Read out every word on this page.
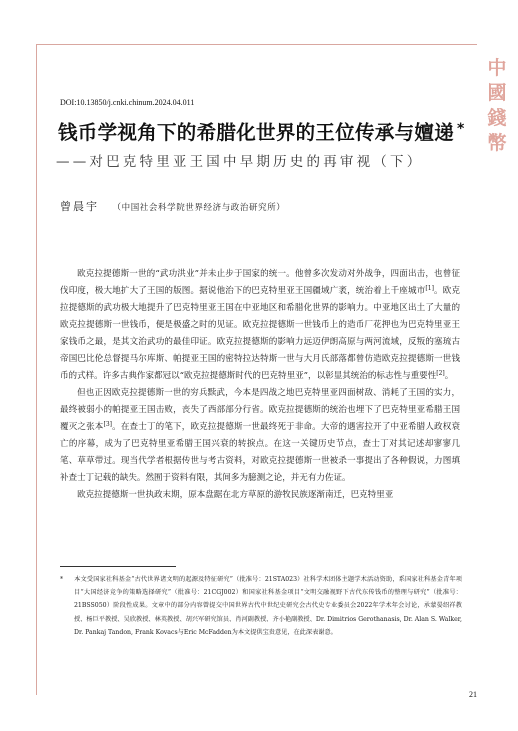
中
國
錢
幣
DOI:10.13850/j.cnki.chinum.2024.04.011
钱币学视角下的希腊化世界的王位传承与嬗递 *
——对巴克特里亚王国中早期历史的再审视（下）
曾晨宇 （中国社会科学院世界经济与政治研究所）

欧克拉提德斯一世的“武功洪业”并未止步于国家的统一。他曾多次发动对外战争，四面出击，也曾征伐印度，极大地扩大了王国的版图。据说他治下的巴克特里亚王国疆域广袤，统治着上千座城市[1]。欧克拉提德斯的武功极大地提升了巴克特里亚王国在中亚地区和希腊化世界的影响力。中亚地区出土了大量的欧克拉提德斯一世钱币，便是极盛之时的见证。欧克拉提德斯一世钱币上的造币厂花押也为巴克特里亚王家钱币之最，是其文治武功的最佳印证。欧克拉提德斯的影响力远迈伊朗高原与两河流域，反叛的塞琉古帝国巴比伦总督提马尔库斯、帕提亚王国的密特拉达特斯一世与大月氏部落都曾仿造欧克拉提德斯一世钱币的式样。许多古典作家都冠以“欧克拉提德斯时代的巴克特里亚”，以彰显其统治的标志性与重要性[2]。

但也正因欧克拉提德斯一世的穷兵黩武，今本是四战之地巴克特里亚四面树敌、消耗了王国的实力，最终被弱小的帕提亚王国击败，丧失了西部部分行省。欧克拉提德斯的统治也埋下了巴克特里亚希腊王国覆灭之张本[3]。在查士丁的笔下，欧克拉提德斯一世最终死于非命。大帝的遇害拉开了中亚希腊人政权衰亡的序幕，成为了巴克特里亚希腊王国兴衰的转捩点。在这一关键历史节点，查士丁对其记述却寥寥几笔、草草带过。现当代学者根据传世与考古资料，对欧克拉提德斯一世被杀一事提出了各种假说，力图填补查士丁记载的缺失。然囿于资料有限，其间多为臆测之论，并无有力佐证。

欧克拉提德斯一世执政末期，原本盘踞在北方草原的游牧民族逐渐南迁，巴克特里亚

* 本文受国家社科基金“古代世界诸文明的起源及特征研究”（批准号：21STA023）社科学术团体主题学术活动资助，系国家社科基金青年项目“大国经济竞争的策略选择研究”（批准号：21CGJ002）和国家社科基金项目“文明交融视野下古代东传钱币的整理与研究”（批准号：21BSS050）阶段性成果。文章中的部分内容曾提交中国世界古代中世纪史研究会古代史专业委员会2022年学术年会讨论，承蒙晏绍祥教授、杨巨平教授、吴欣教授、林英教授、胡兴军研究馆员、肖河副教授、齐小艳副教授、Dr. Dimitrios Gerothanasis, Dr. Alan S. Walker, Dr. Pankaj Tandon, Frank Kovacs与Eric McFadden为本文提供宝贵意见，在此深表谢意。
21
